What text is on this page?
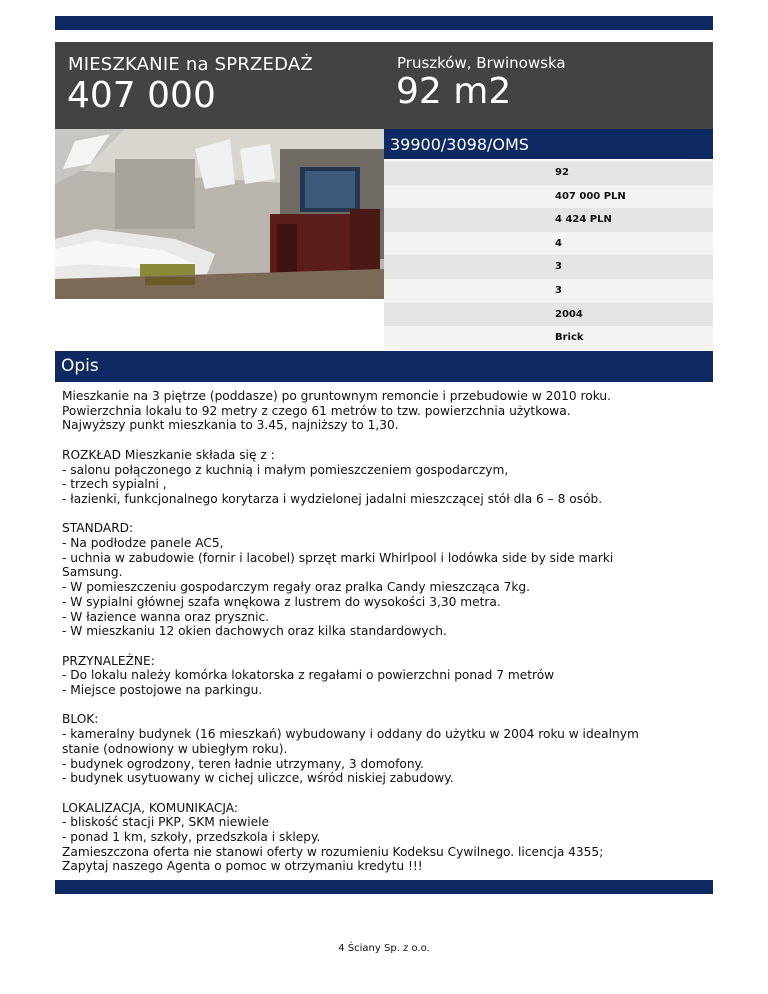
MIESZKANIE na SPRZEDAŻ
407 000
Pruszków, Brwinowska
92 m2
39900/3098/OMS
92
407 000 PLN
4 424 PLN
4
3
3
2004
Brick
Opis

Mieszkanie na 3 piętrze (poddasze) po gruntownym remoncie i przebudowie w 2010 roku.
Powierzchnia lokalu to 92 metry z czego 61 metrów to tzw. powierzchnia użytkowa.
Najwyższy punkt mieszkania to 3.45, najniższy to 1,30.

ROZKŁAD Mieszkanie składa się z :
- salonu połączonego z kuchnią i małym pomieszczeniem gospodarczym,
- trzech sypialni ,
- łazienki, funkcjonalnego korytarza i wydzielonej jadalni mieszczącej stół dla 6 – 8 osób.

STANDARD:
- Na podłodze panele AC5,
- uchnia w zabudowie (fornir i lacobel) sprzęt marki Whirlpool i lodówka side by side marki
Samsung.
- W pomieszczeniu gospodarczym regały oraz pralka Candy mieszcząca 7kg.
- W sypialni głównej szafa wnękowa z lustrem do wysokości 3,30 metra.
- W łazience wanna oraz prysznic.
- W mieszkaniu 12 okien dachowych oraz kilka standardowych.

PRZYNALEŻNE:
- Do lokalu należy komórka lokatorska z regałami o powierzchni ponad 7 metrów
- Miejsce postojowe na parkingu.

BLOK:
- kameralny budynek (16 mieszkań) wybudowany i oddany do użytku w 2004 roku w idealnym
stanie (odnowiony w ubiegłym roku).
- budynek ogrodzony, teren ładnie utrzymany, 3 domofony.
- budynek usytuowany w cichej uliczce, wśród niskiej zabudowy.

LOKALIZACJA, KOMUNIKACJA:
- bliskość stacji PKP, SKM niewiele
- ponad 1 km, szkoły, przedszkola i sklepy.
Zamieszczona oferta nie stanowi oferty w rozumieniu Kodeksu Cywilnego. licencja 4355;
Zapytaj naszego Agenta o pomoc w otrzymaniu kredytu !!!

4 Ściany Sp. z o.o.
